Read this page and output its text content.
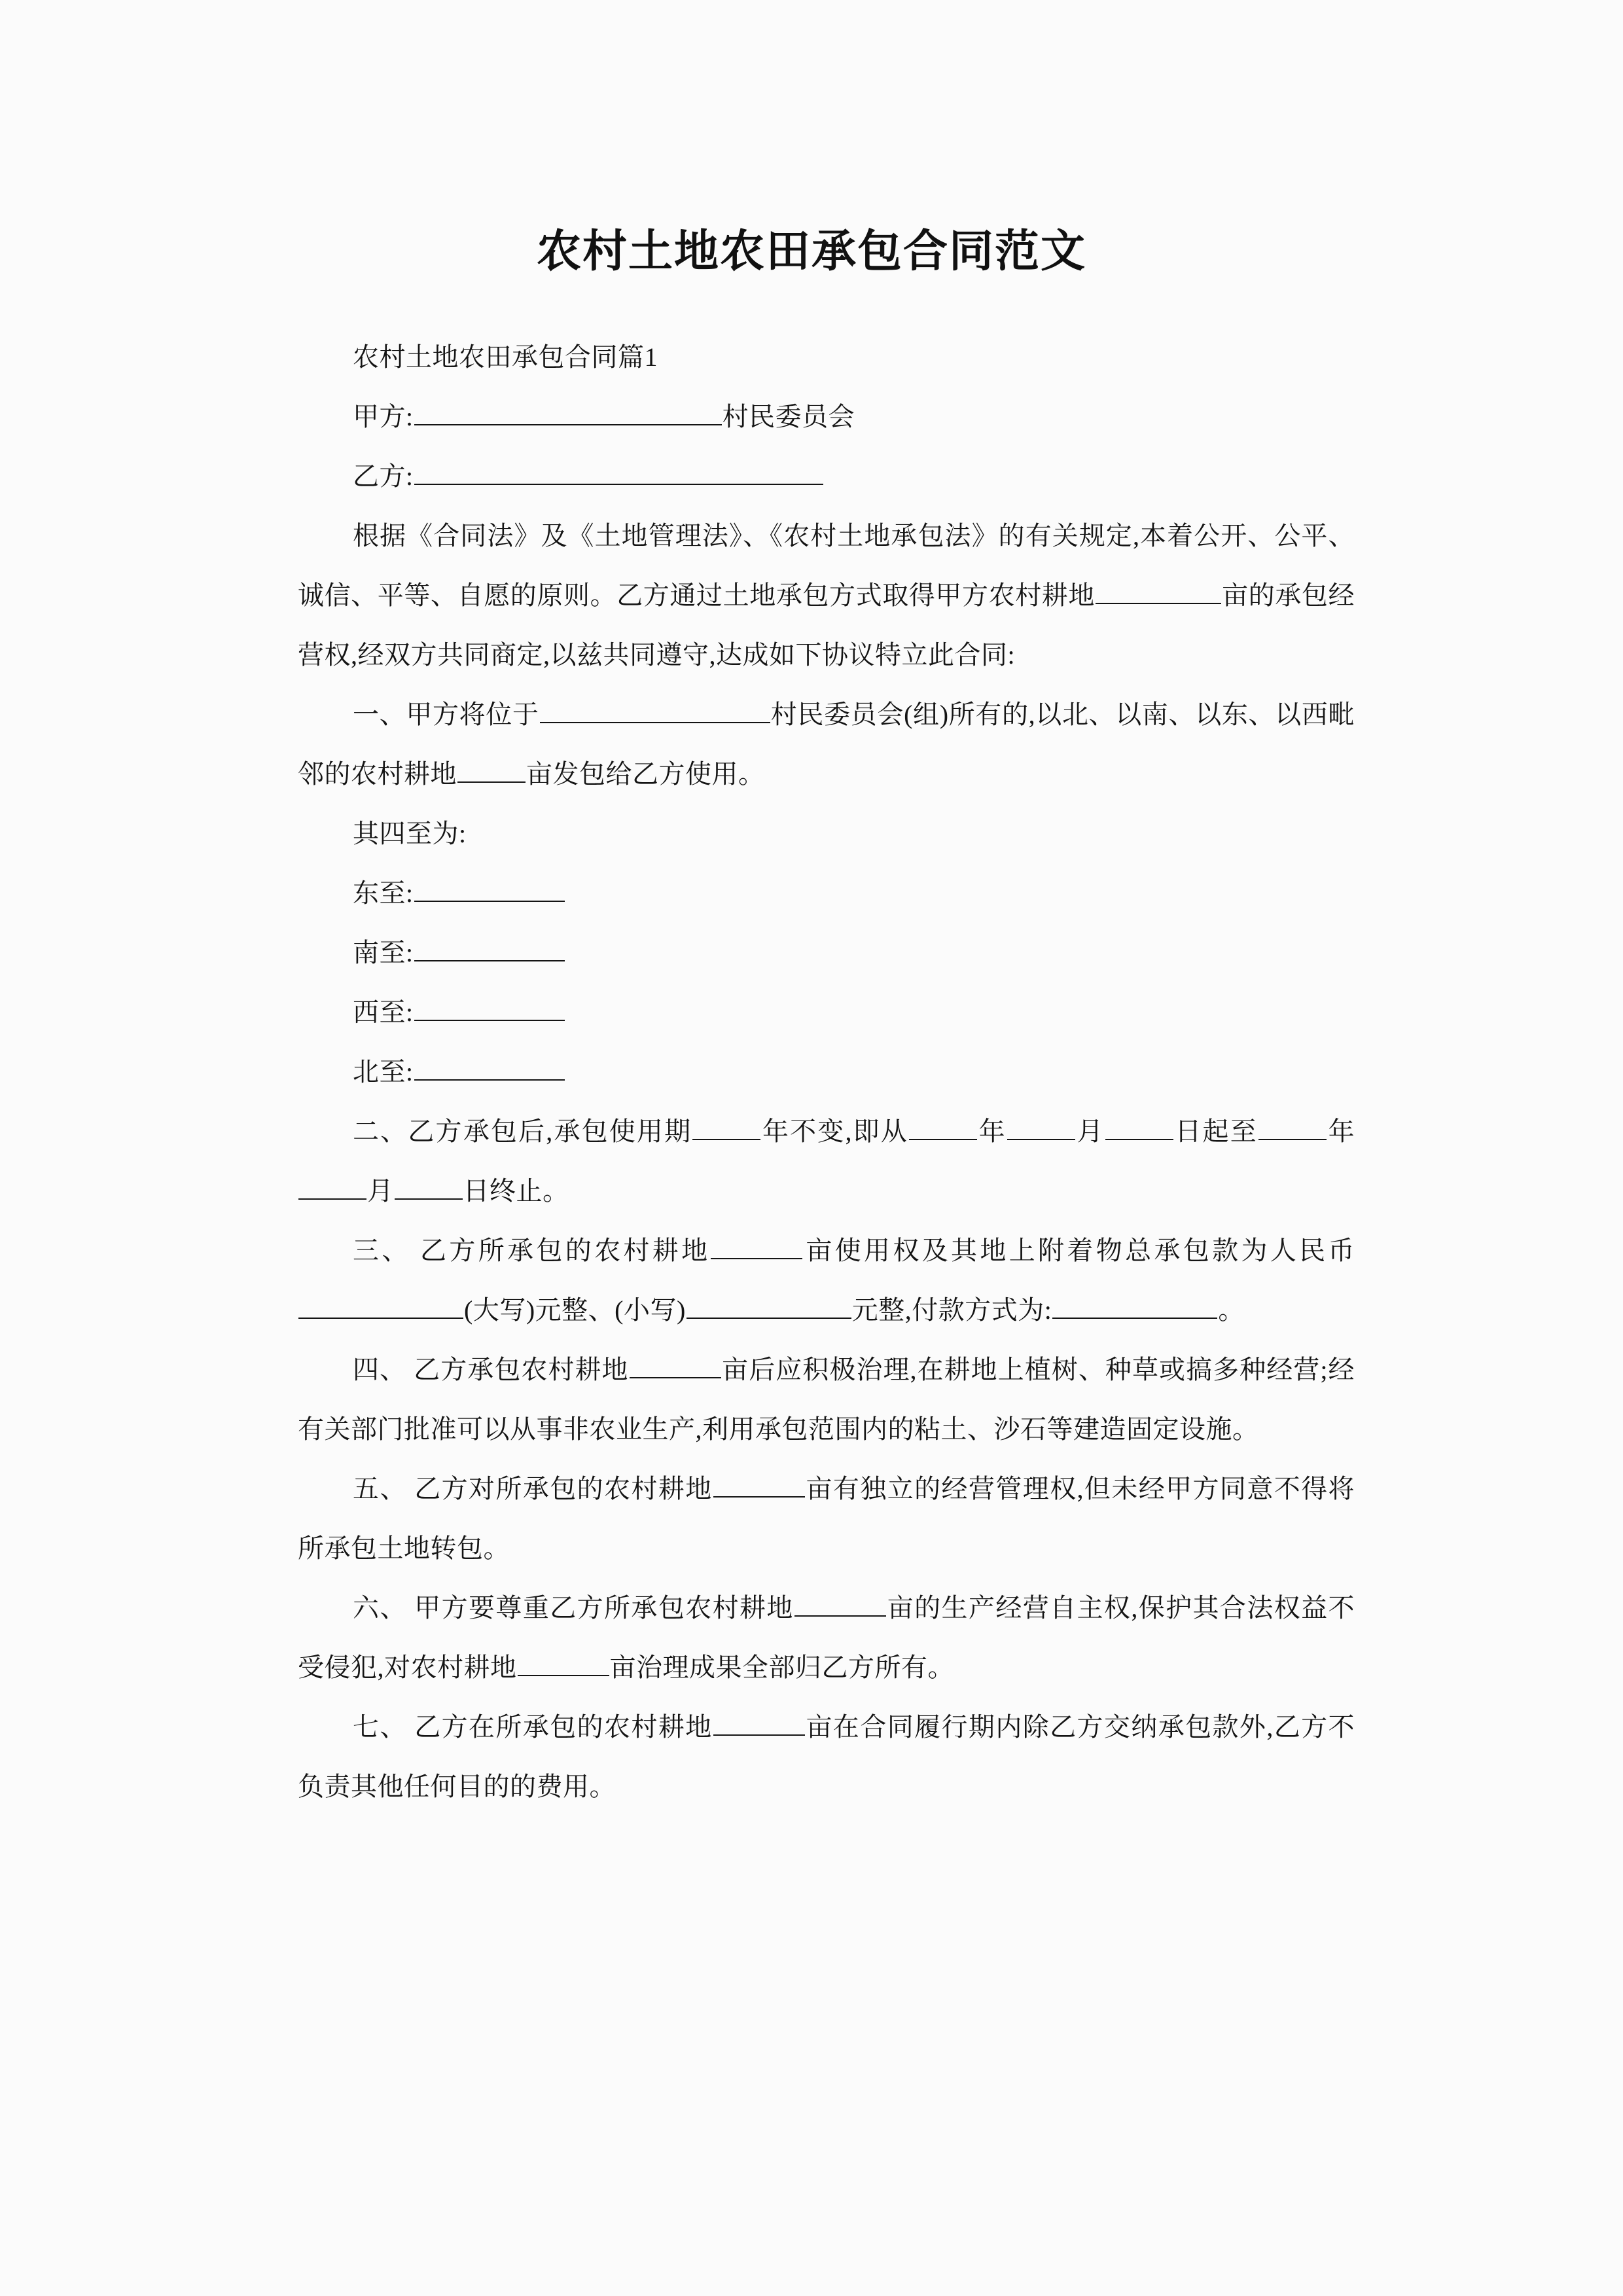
农村土地农田承包合同范文

农村土地农田承包合同篇1

甲方:	村民委员会

乙方:

根据《合同法》及《土地管理法》、《农村土地承包法》的有关规定,本着公开、公平、诚信、平等、自愿的原则。乙方通过土地承包方式取得甲方农村耕地	亩的承包经营权,经双方共同商定,以兹共同遵守,达成如下协议特立此合同:

一、甲方将位于	村民委员会(组)所有的,以北、以南、以东、以西毗邻的农村耕地	亩发包给乙方使用。

其四至为:

东至:

南至:

西至:

北至:

二、乙方承包后,承包使用期	年不变,即从	年	月	日起至	年月	日终止。

三、 乙方所承包的农村耕地	亩使用权及其地上附着物总承包款为人民币(大写)元整、(小写)	元整,付款方式为:	。

四、 乙方承包农村耕地	亩后应积极治理,在耕地上植树、种草或搞多种经营;经有关部门批准可以从事非农业生产,利用承包范围内的粘土、沙石等建造固定设施。

五、 乙方对所承包的农村耕地	亩有独立的经营管理权,但未经甲方同意不得将所承包土地转包。

六、 甲方要尊重乙方所承包农村耕地	亩的生产经营自主权,保护其合法权益不受侵犯,对农村耕地	亩治理成果全部归乙方所有。

七、 乙方在所承包的农村耕地	亩在合同履行期内除乙方交纳承包款外,乙方不负责其他任何目的的费用。
